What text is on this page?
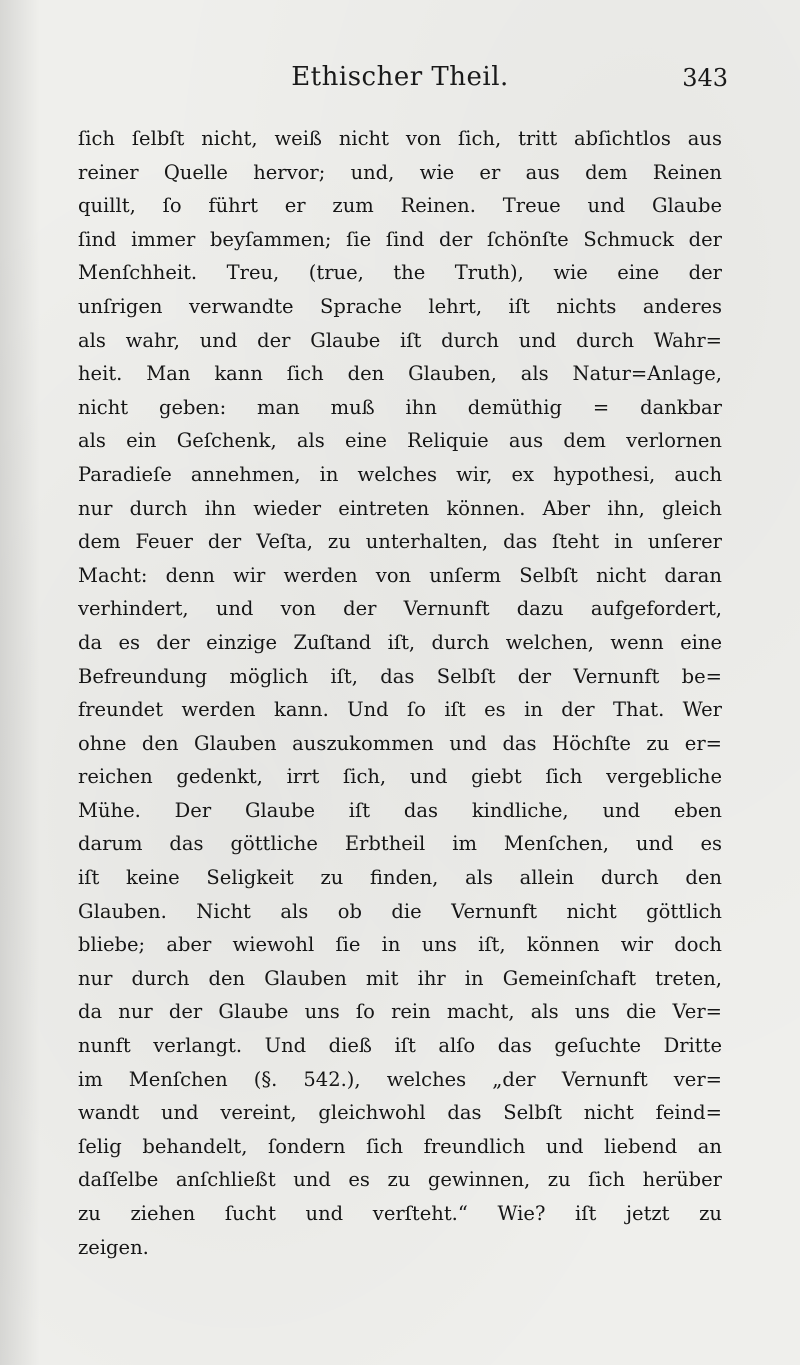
Ethischer Theil.	343
ſich ſelbſt nicht, weiß nicht von ſich, tritt abſichtlos aus
reiner Quelle hervor; und, wie er aus dem Reinen
quillt, ſo führt er zum Reinen. Treue und Glaube
ſind immer beyſammen; ſie ſind der ſchönſte Schmuck der
Menſchheit. Treu, (true, the Truth), wie eine der
unſrigen verwandte Sprache lehrt, iſt nichts anderes
als wahr, und der Glaube iſt durch und durch Wahr=
heit. Man kann ſich den Glauben, als Natur=Anlage,
nicht geben: man muß ihn demüthig = dankbar
als ein Geſchenk, als eine Reliquie aus dem verlornen
Paradieſe annehmen, in welches wir, ex hypothesi, auch
nur durch ihn wieder eintreten können. Aber ihn, gleich
dem Feuer der Veſta, zu unterhalten, das ſteht in unſerer
Macht: denn wir werden von unſerm Selbſt nicht daran
verhindert, und von der Vernunft dazu aufgefordert,
da es der einzige Zuſtand iſt, durch welchen, wenn eine
Befreundung möglich iſt, das Selbſt der Vernunft be=
freundet werden kann. Und ſo iſt es in der That. Wer
ohne den Glauben auszukommen und das Höchſte zu er=
reichen gedenkt, irrt ſich, und giebt ſich vergebliche
Mühe. Der Glaube iſt das kindliche, und eben
darum das göttliche Erbtheil im Menſchen, und es
iſt keine Seligkeit zu finden, als allein durch den
Glauben. Nicht als ob die Vernunft nicht göttlich
bliebe; aber wiewohl ſie in uns iſt, können wir doch
nur durch den Glauben mit ihr in Gemeinſchaft treten,
da nur der Glaube uns ſo rein macht, als uns die Ver=
nunft verlangt. Und dieß iſt alſo das geſuchte Dritte
im Menſchen (§. 542.), welches „der Vernunft ver=
wandt und vereint, gleichwohl das Selbſt nicht feind=
ſelig behandelt, ſondern ſich freundlich und liebend an
daſſelbe anſchließt und es zu gewinnen, zu ſich herüber
zu ziehen ſucht und verſteht.“ Wie? iſt jetzt zu
zeigen.
